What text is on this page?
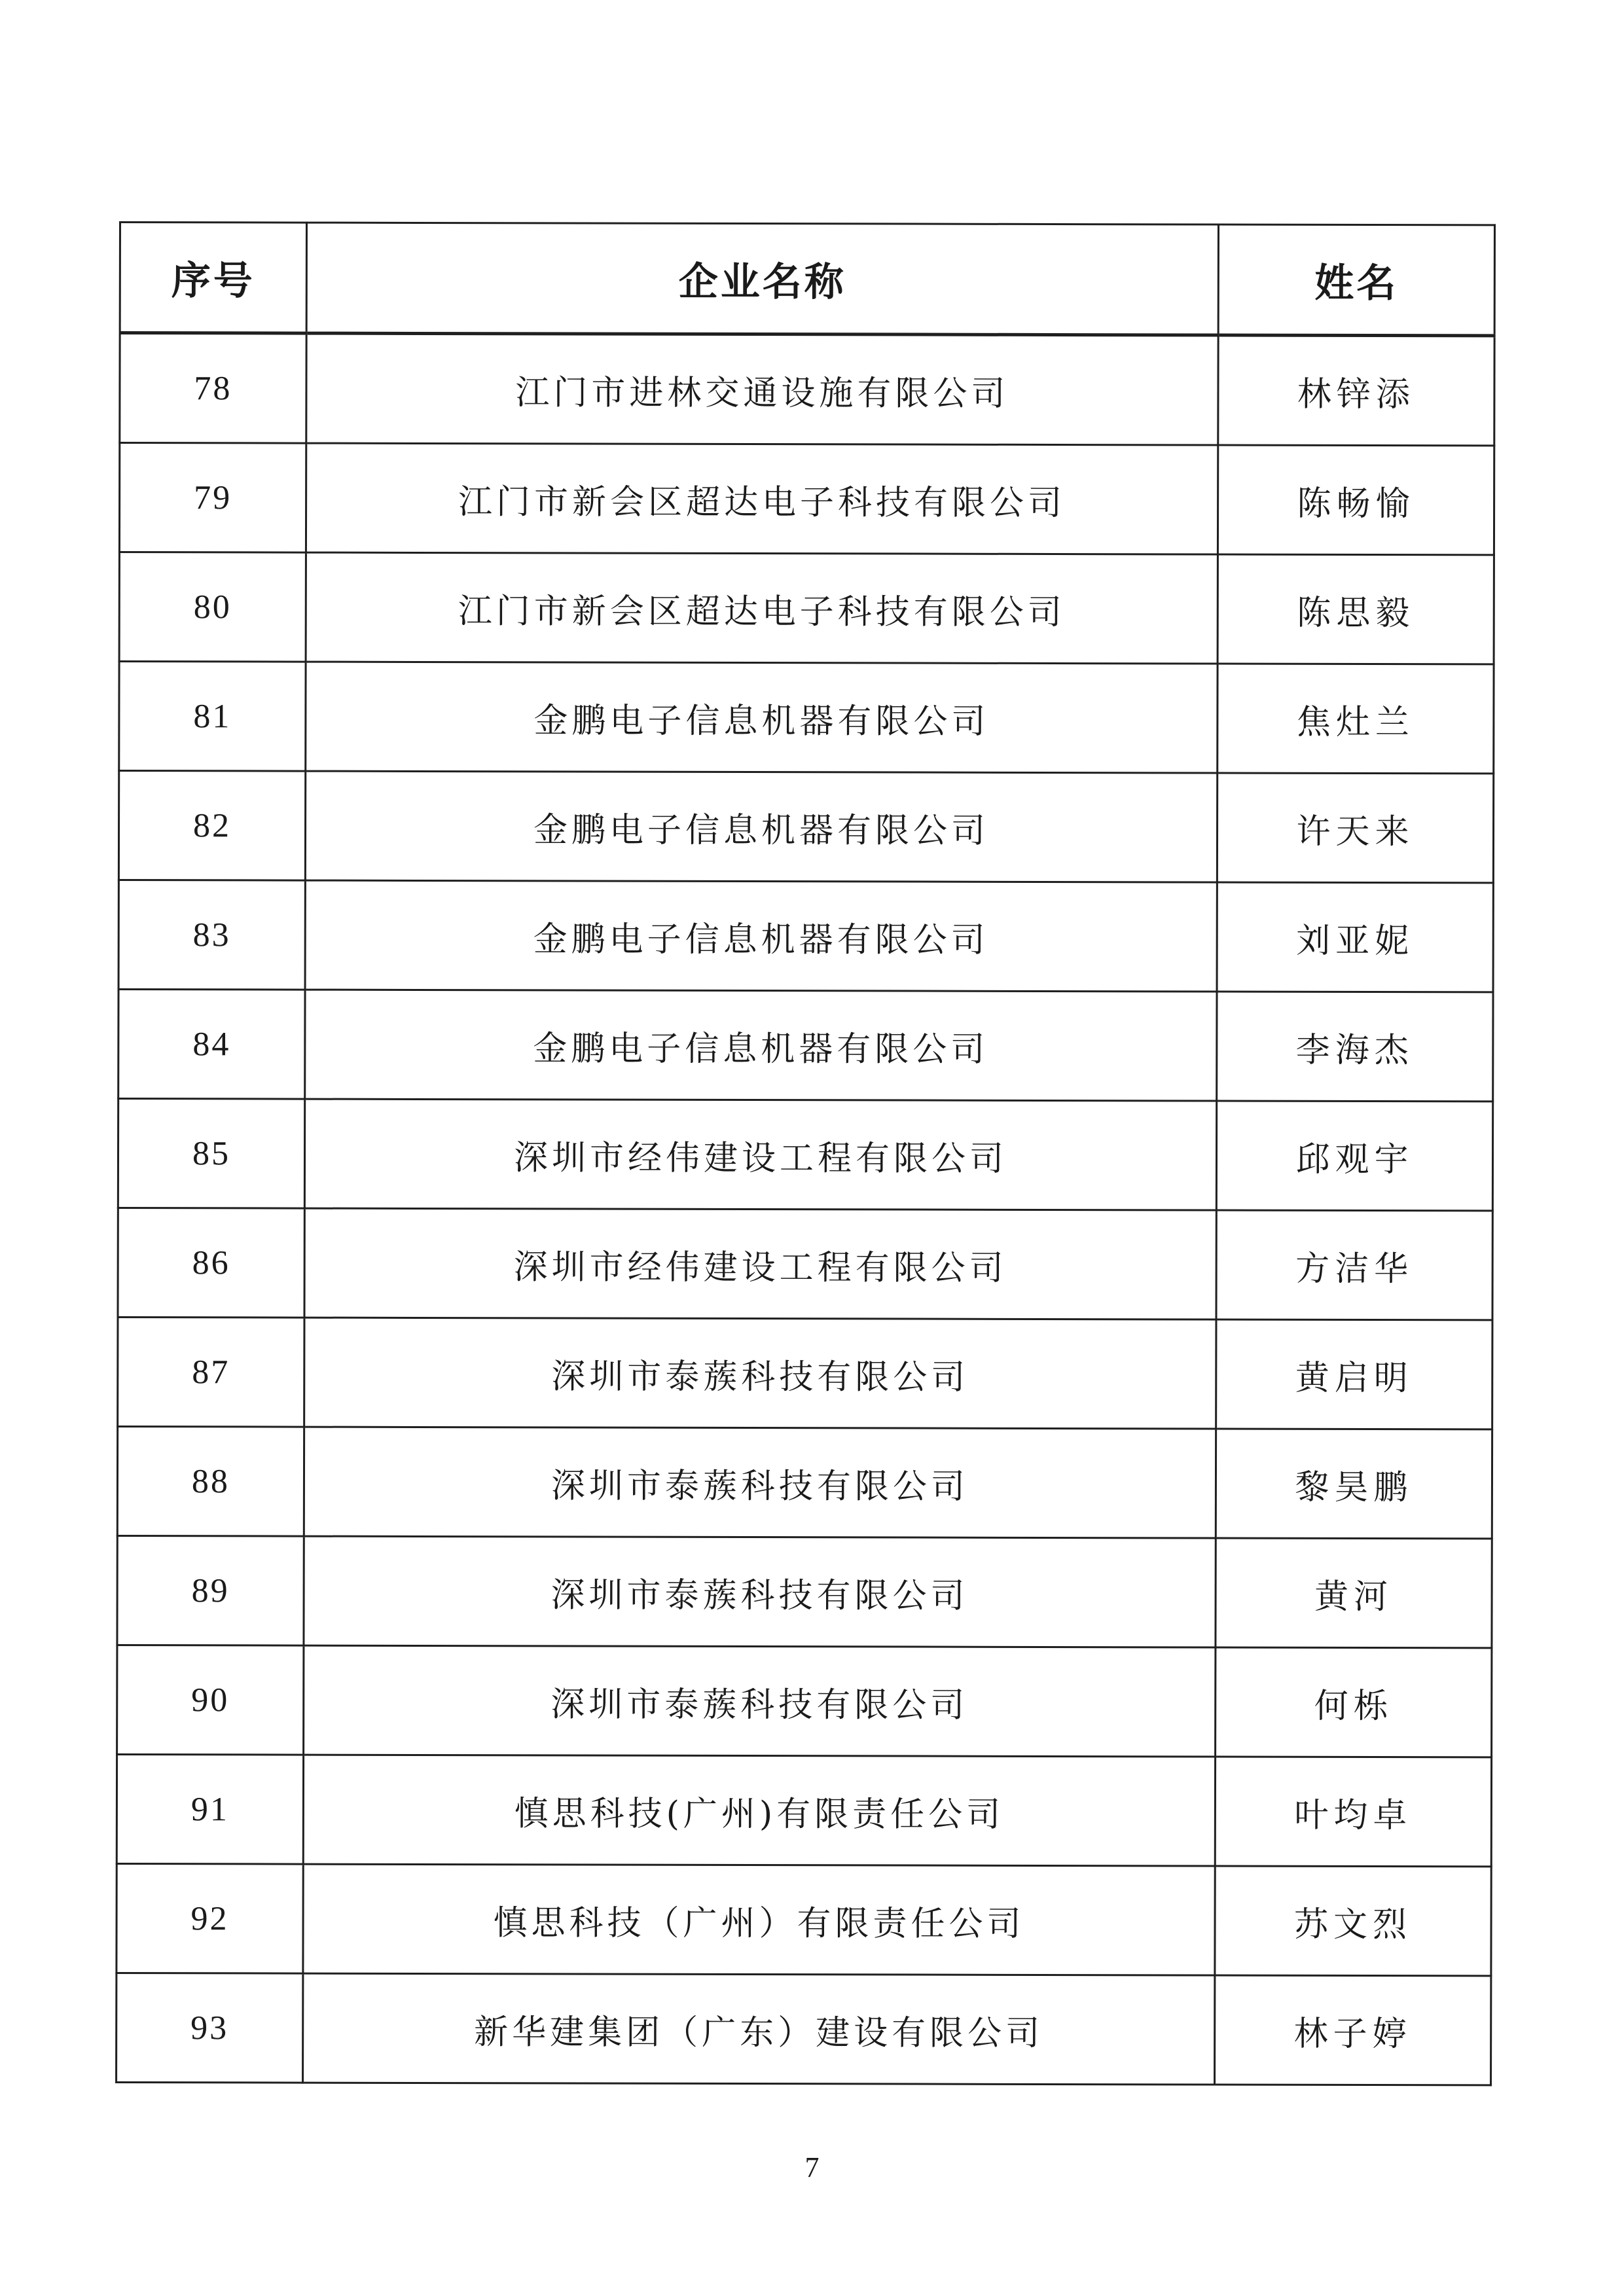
序号	企业名称	姓名
78	江门市进林交通设施有限公司	林锌添
79	江门市新会区超达电子科技有限公司	陈畅愉
80	江门市新会区超达电子科技有限公司	陈思毅
81	金鹏电子信息机器有限公司	焦灶兰
82	金鹏电子信息机器有限公司	许天来
83	金鹏电子信息机器有限公司	刘亚妮
84	金鹏电子信息机器有限公司	李海杰
85	深圳市经伟建设工程有限公司	邱观宇
86	深圳市经伟建设工程有限公司	方洁华
87	深圳市泰蔟科技有限公司	黄启明
88	深圳市泰蔟科技有限公司	黎昊鹏
89	深圳市泰蔟科技有限公司	黄河
90	深圳市泰蔟科技有限公司	何栎
91	慎思科技(广州)有限责任公司	叶均卓
92	慎思科技（广州）有限责任公司	苏文烈
93	新华建集团（广东）建设有限公司	林子婷
7
